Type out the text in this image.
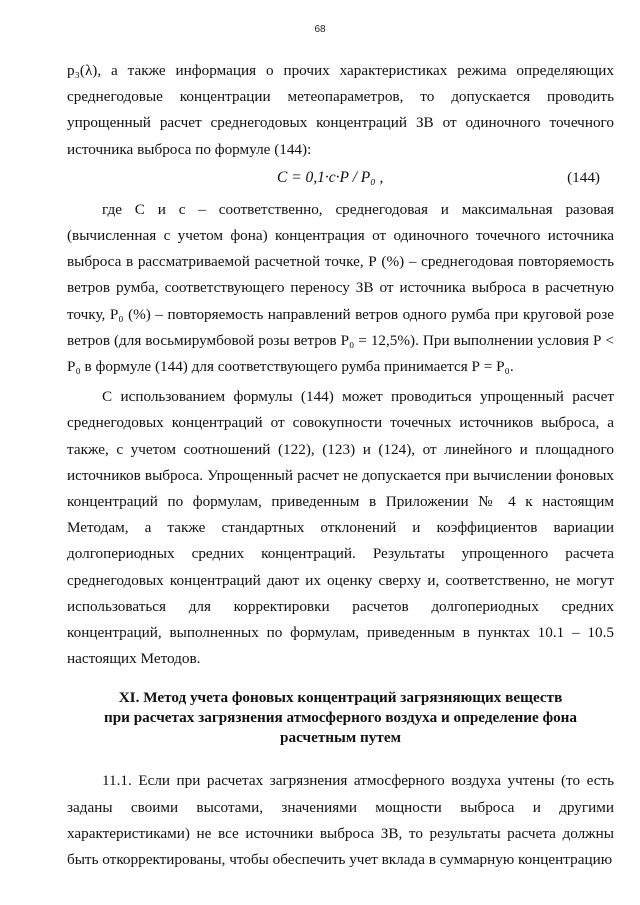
68

p₃(λ), а также информация о прочих характеристиках режима определяющих среднегодовые концентрации метеопараметров, то допускается проводить упрощенный расчет среднегодовых концентраций ЗВ от одиночного точечного источника выброса по формуле (144):

C = 0,1·c·P / P₀ ,	(144)

где С и с – соответственно, среднегодовая и максимальная разовая (вычисленная с учетом фона) концентрация от одиночного точечного источника выброса в рассматриваемой расчетной точке, Р (%) – среднегодовая повторяемость ветров румба, соответствующего переносу ЗВ от источника выброса в расчетную точку, Р₀ (%) – повторяемость направлений ветров одного румба при круговой розе ветров (для восьмирумбовой розы ветров Р₀ = 12,5%). При выполнении условия Р < Р₀ в формуле (144) для соответствующего румба принимается Р = Р₀.

С использованием формулы (144) может проводиться упрощенный расчет среднегодовых концентраций от совокупности точечных источников выброса, а также, с учетом соотношений (122), (123) и (124), от линейного и площадного источников выброса. Упрощенный расчет не допускается при вычислении фоновых концентраций по формулам, приведенным в Приложении № 4 к настоящим Методам, а также стандартных отклонений и коэффициентов вариации долгопериодных средних концентраций. Результаты упрощенного расчета среднегодовых концентраций дают их оценку сверху и, соответственно, не могут использоваться для корректировки расчетов долгопериодных средних концентраций, выполненных по формулам, приведенным в пунктах 10.1 – 10.5 настоящих Методов.

XI. Метод учета фоновых концентраций загрязняющих веществ
при расчетах загрязнения атмосферного воздуха и определение фона
расчетным путем

11.1. Если при расчетах загрязнения атмосферного воздуха учтены (то есть заданы своими высотами, значениями мощности выброса и другими характеристиками) не все источники выброса ЗВ, то результаты расчета должны быть откорректированы, чтобы обеспечить учет вклада в суммарную концентрацию
